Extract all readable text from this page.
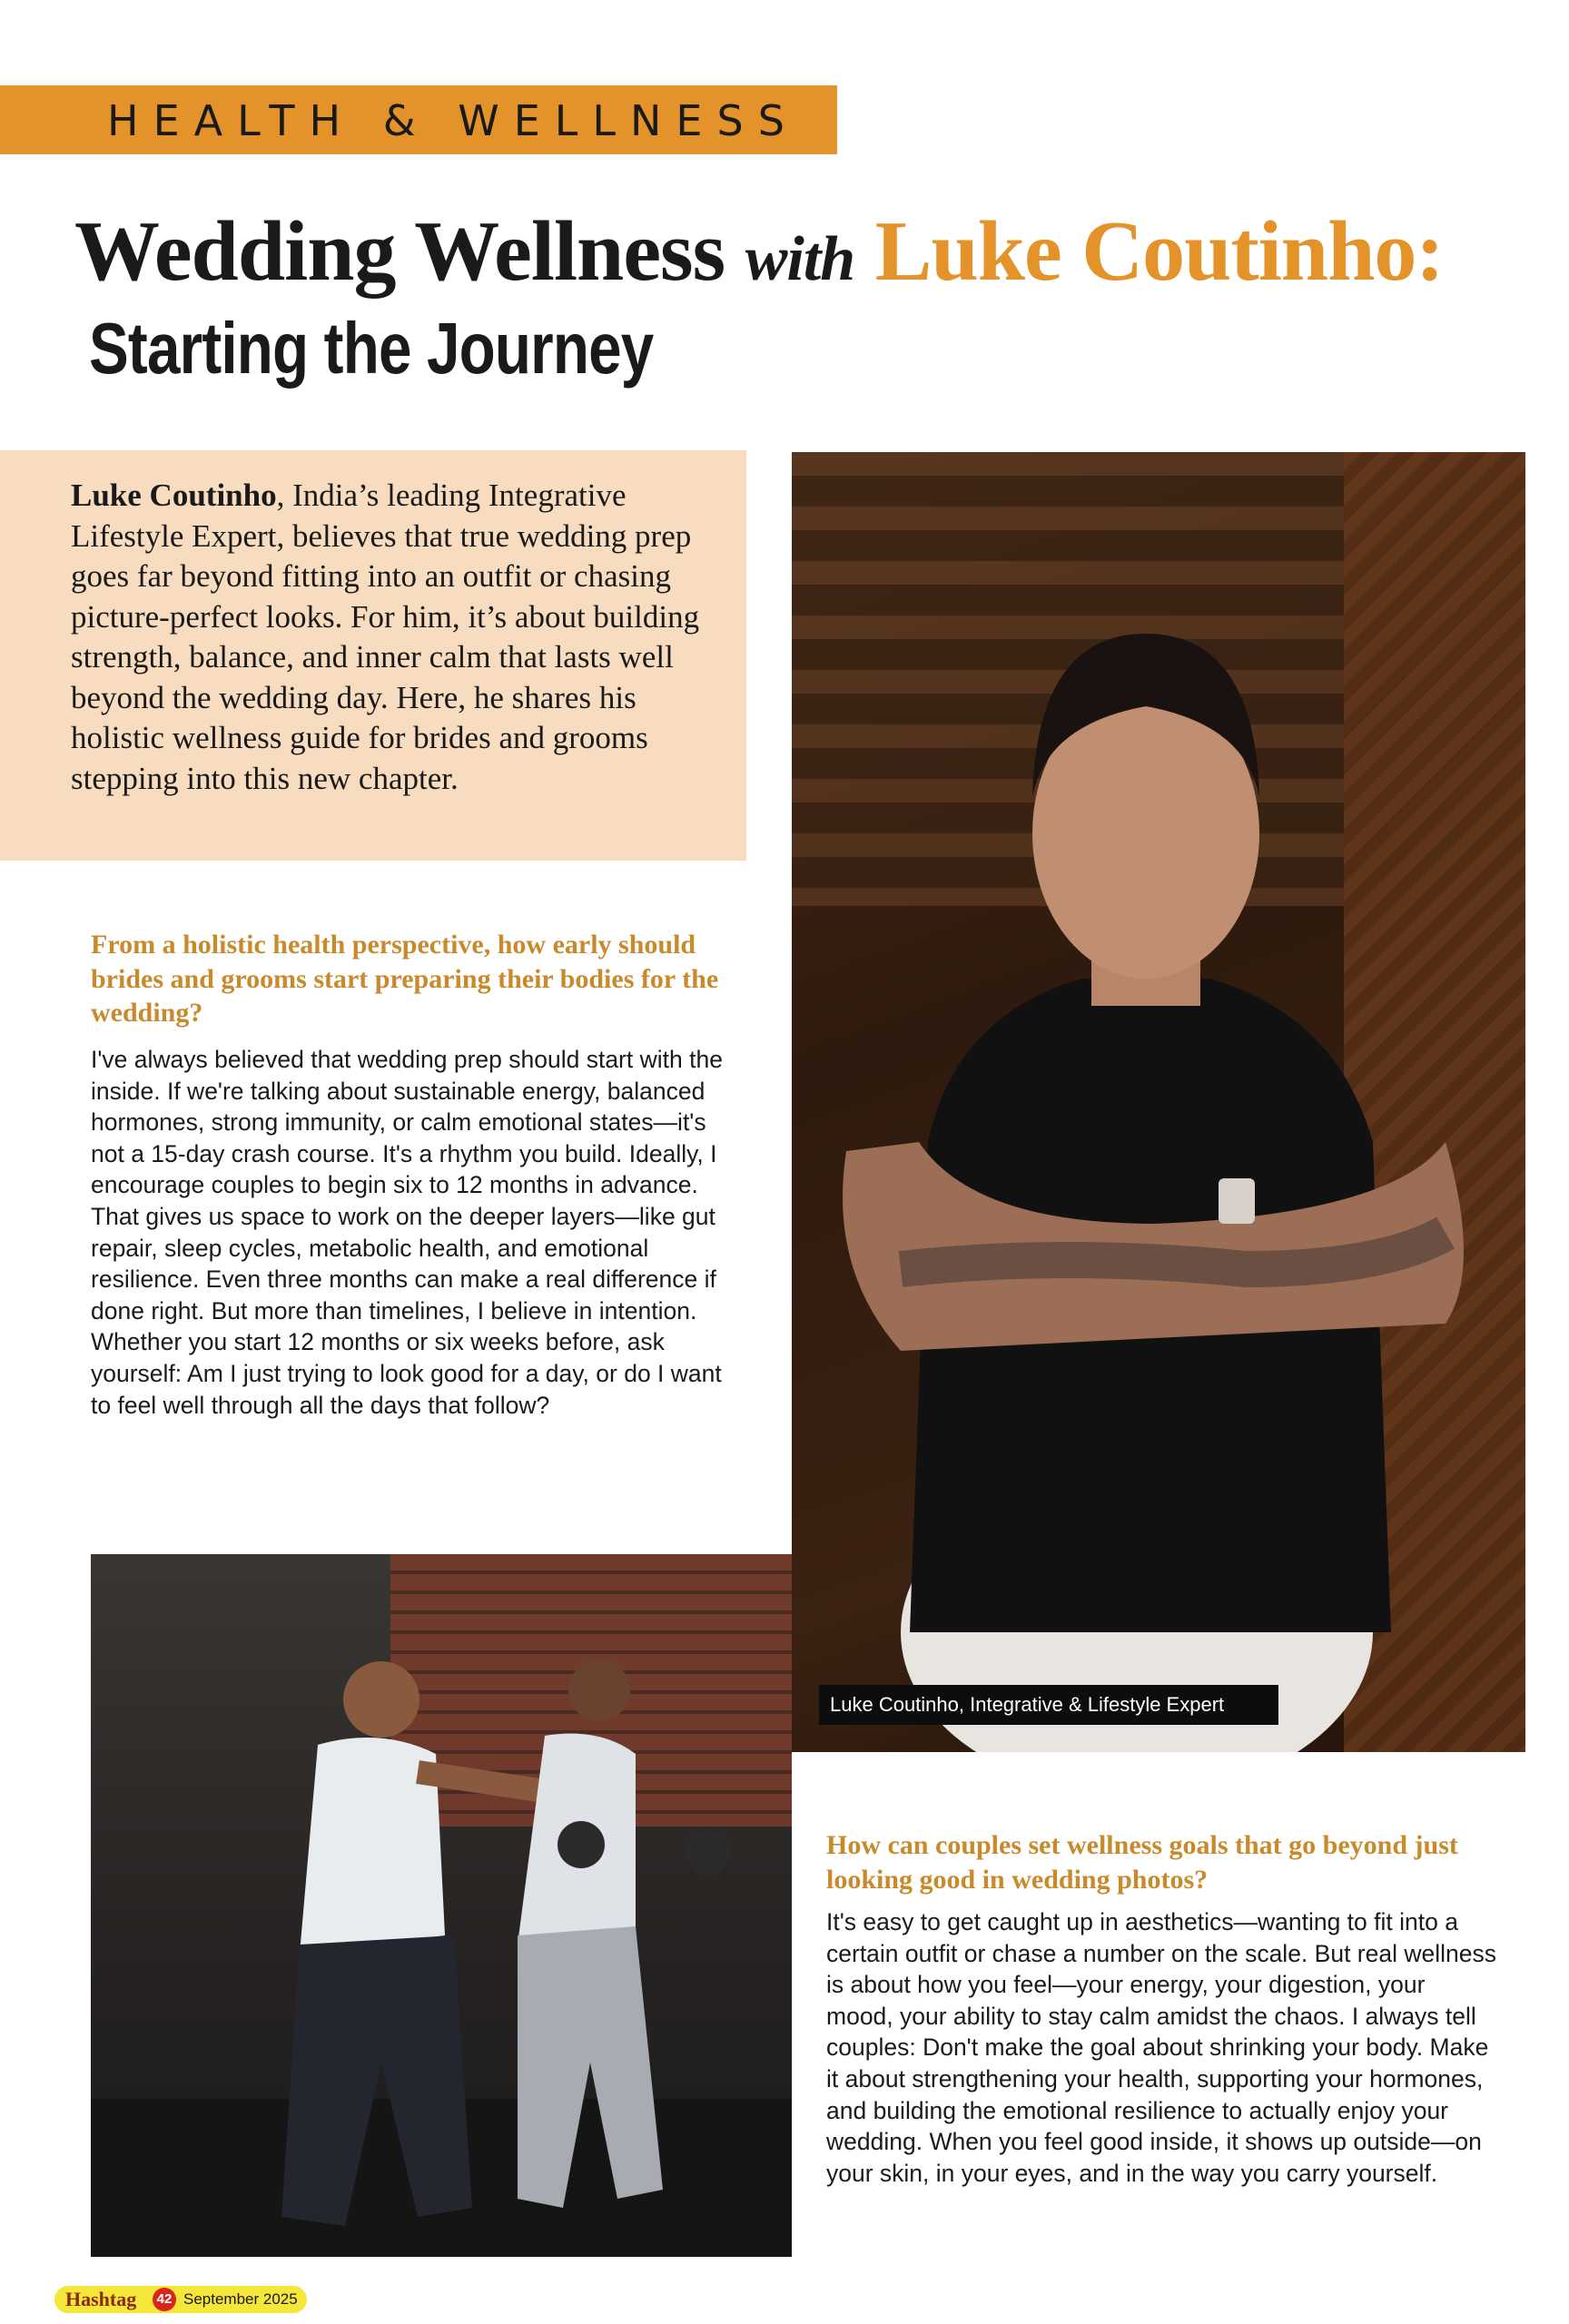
HEALTH & WELLNESS
Wedding Wellness with Luke Coutinho:
Starting the Journey
Luke Coutinho, India’s leading Integrative Lifestyle Expert, believes that true wedding prep goes far beyond fitting into an outfit or chasing picture-perfect looks. For him, it’s about building strength, balance, and inner calm that lasts well beyond the wedding day. Here, he shares his holistic wellness guide for brides and grooms stepping into this new chapter.
From a holistic health perspective, how early should brides and grooms start preparing their bodies for the wedding?
I've always believed that wedding prep should start with the inside. If we're talking about sustainable energy, balanced hormones, strong immunity, or calm emotional states—it's not a 15-day crash course. It's a rhythm you build. Ideally, I encourage couples to begin six to 12 months in advance. That gives us space to work on the deeper layers—like gut repair, sleep cycles, metabolic health, and emotional resilience. Even three months can make a real difference if done right. But more than timelines, I believe in intention. Whether you start 12 months or six weeks before, ask yourself: Am I just trying to look good for a day, or do I want to feel well through all the days that follow?
Luke Coutinho, Integrative & Lifestyle Expert
How can couples set wellness goals that go beyond just looking good in wedding photos?
It's easy to get caught up in aesthetics—wanting to fit into a certain outfit or chase a number on the scale. But real wellness is about how you feel—your energy, your digestion, your mood, your ability to stay calm amidst the chaos. I always tell couples: Don't make the goal about shrinking your body. Make it about strengthening your health, supporting your hormones, and building the emotional resilience to actually enjoy your wedding. When you feel good inside, it shows up outside—on your skin, in your eyes, and in the way you carry yourself.
Hashtag	42 September 2025
